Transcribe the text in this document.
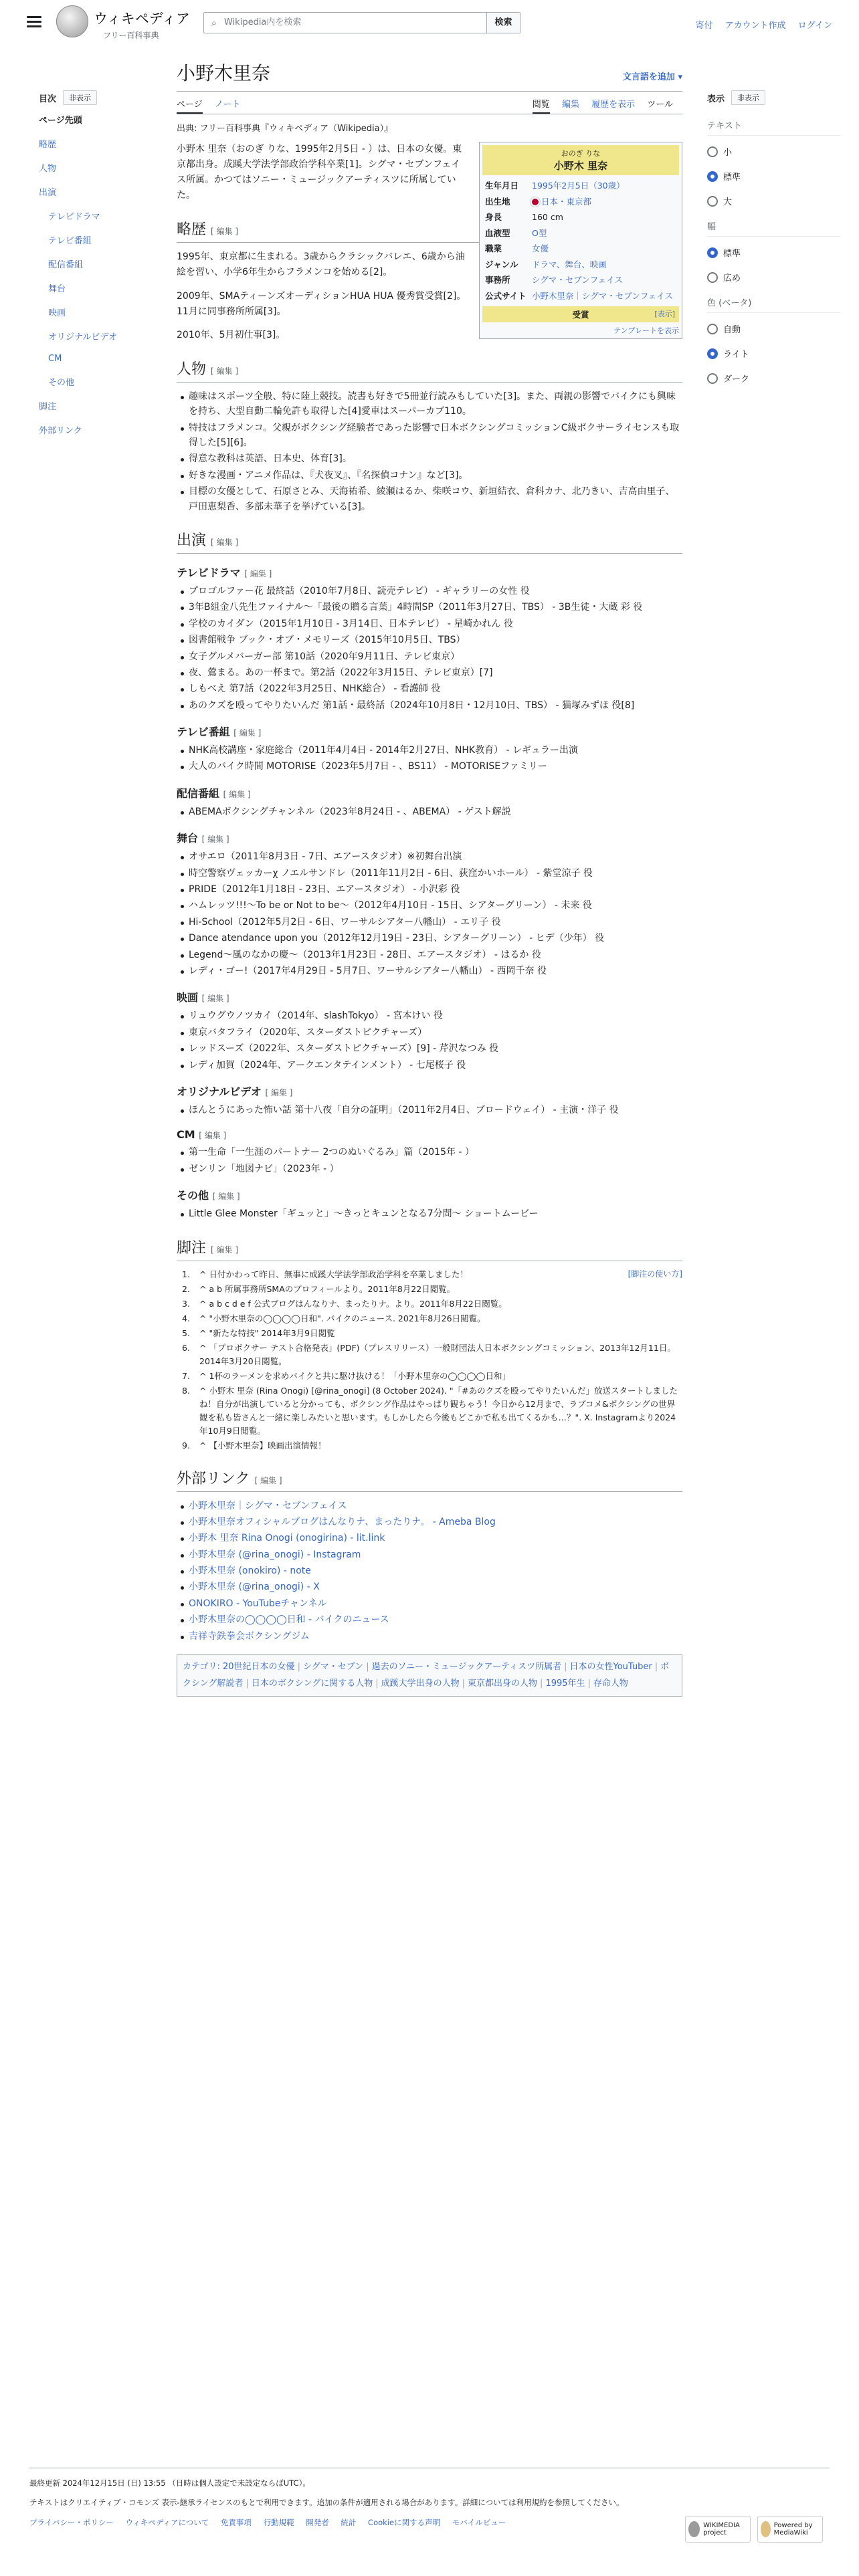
ウィキペディア
フリー百科事典
⌕ Wikipedia内を検索	検索	寄付 アカウント作成 ログイン
目次	非表示
ページ先頭
略歴
人物
出演
テレビドラマ
テレビ番組
配信番組
舞台
映画
オリジナルビデオ
CM
その他
脚注
外部リンク
表示	非表示
テキスト
小
標準
大
幅
標準
広め
色 (ベータ)
自動
ライト
ダーク
小野木里奈	文言語を追加 ▾
ページ ノート	閲覧 編集 履歴を表示 ツール
出典: フリー百科事典『ウィキペディア（Wikipedia）』
おのぎ りな
小野木 里奈
生年月日	1995年2月5日（30歳）
出生地	日本・東京都
身長	160 cm
血液型	O型
職業	女優
ジャンル	ドラマ、舞台、映画
事務所	シグマ・セブンフェイス
公式サイト	小野木里奈｜シグマ・セブンフェイス
受賞	[表示]
テンプレートを表示

小野木 里奈（おのぎ りな、1995年2月5日 - ）は、日本の女優。東京都出身。成蹊大学法学部政治学科卒業[1]。シグマ・セブンフェイス所属。かつてはソニー・ミュージックアーティスツに所属していた。

略歴 [ 編集 ]

1995年、東京都に生まれる。3歳からクラシックバレエ、6歳から油絵を習い、小学6年生からフラメンコを始める[2]。

2009年、SMAティーンズオーディションHUA HUA 優秀賞受賞[2]。11月に同事務所所属[3]。

2010年、5月初仕事[3]。

人物 [ 編集 ]
趣味はスポーツ全般、特に陸上競技。読書も好きで5冊並行読みもしていた[3]。また、両親の影響でバイクにも興味を持ち、大型自動二輪免許も取得した[4]愛車はスーパーカブ110。
特技はフラメンコ。父親がボクシング経験者であった影響で日本ボクシングコミッションC級ボクサーライセンスも取得した[5][6]。
得意な教科は英語、日本史、体育[3]。
好きな漫画・アニメ作品は、『犬夜叉』、『名探偵コナン』など[3]。
目標の女優として、石原さとみ、天海祐希、綾瀬はるか、柴咲コウ、新垣結衣、倉科カナ、北乃きい、吉高由里子、戸田恵梨香、多部未華子を挙げている[3]。
出演 [ 編集 ]
テレビドラマ [ 編集 ]
プロゴルファー花 最終話（2010年7月8日、読売テレビ） - ギャラリーの女性 役
3年B組金八先生ファイナル〜「最後の贈る言葉」4時間SP（2011年3月27日、TBS） - 3B生徒・大蔵 彩 役
学校のカイダン（2015年1月10日 - 3月14日、日本テレビ） - 星崎かれん 役
図書館戦争 ブック・オブ・メモリーズ（2015年10月5日、TBS）
女子グルメバーガー部 第10話（2020年9月11日、テレビ東京）
夜、鶯まる。あの一杯まで。第2話（2022年3月15日、テレビ東京）[7]
しもべえ 第7話（2022年3月25日、NHK総合） - 看護師 役
あのクズを殴ってやりたいんだ 第1話・最終話（2024年10月8日・12月10日、TBS） - 猫塚みずほ 役[8]
テレビ番組 [ 編集 ]
NHK高校講座・家庭総合（2011年4月4日 - 2014年2月27日、NHK教育） - レギュラー出演
大人のバイク時間 MOTORISE（2023年5月7日 - 、BS11） - MOTORISEファミリー
配信番組 [ 編集 ]
ABEMAボクシングチャンネル（2023年8月24日 - 、ABEMA） - ゲスト解説
舞台 [ 編集 ]
オサエロ（2011年8月3日 - 7日、エアースタジオ）※初舞台出演
時空警察ヴェッカーχ ノエルサンドレ（2011年11月2日 - 6日、荻窪かいホール） - 紫堂涼子 役
PRIDE（2012年1月18日 - 23日、エアースタジオ） - 小沢彩 役
ハムレッツ!!!〜To be or Not to be〜（2012年4月10日 - 15日、シアターグリーン） - 未来 役
Hi-School（2012年5月2日 - 6日、ワーサルシアター八幡山） - エリ子 役
Dance atendance upon you（2012年12月19日 - 23日、シアターグリーン） - ヒデ（少年） 役
Legend〜風のなかの慶〜（2013年1月23日 - 28日、エアースタジオ） - はるか 役
レディ・ゴー!（2017年4月29日 - 5月7日、ワーサルシアター八幡山） - 西岡千奈 役
映画 [ 編集 ]
リュウグウノツカイ（2014年、slashTokyo） - 宮本けい 役
東京バタフライ（2020年、スターダストピクチャーズ）
レッドスーズ（2022年、スターダストピクチャーズ）[9] - 芹沢なつみ 役
レディ加賀（2024年、アークエンタテインメント） - 七尾桜子 役
オリジナルビデオ [ 編集 ]
ほんとうにあった怖い話 第十八夜「自分の証明」（2011年2月4日、ブロードウェイ） - 主演・洋子 役
CM [ 編集 ]
第一生命「一生涯のパートナー 2つのぬいぐるみ」篇（2015年 - ）
ゼンリン「地図ナビ」（2023年 - ）
その他 [ 編集 ]
Little Glee Monster「ギュッと」〜きっとキュンとなる7分間〜 ショートムービー
脚注 [ 編集 ]
[脚注の使い方]
1. ^ 日付かわって昨日、無事に成蹊大学法学部政治学科を卒業しました！
2. ^ a b 所属事務所SMAのプロフィールより。2011年8月22日閲覧。
3. ^ a b c d e f 公式ブログはんなりナ、まったりナ。より。2011年8月22日閲覧。
4. ^ "小野木里奈の◯◯◯◯日和". バイクのニュース. 2021年8月26日閲覧。
5. ^ "新たな特技" 2014年3月9日閲覧
6. ^ 「プロボクサー テスト合格発表」(PDF)（プレスリリース）一般財団法人日本ボクシングコミッション、2013年12月11日。2014年3月20日閲覧。
7. ^ 1杯のラーメンを求めバイクと共に駆け抜ける！「小野木里奈の◯◯◯◯日和」
8. ^ 小野木 里奈 (Rina Onogi) [@rina_onogi] (8 October 2024). "「#あのクズを殴ってやりたいんだ」放送スタートしましたね！自分が出演していると分かっても、ボクシング作品はやっぱり観ちゃう！今日から12月まで、ラブコメ&ボクシングの世界観を私も皆さんと一緒に楽しみたいと思います。もしかしたら今後もどこかで私も出てくるかも…？". X. Instagramより2024年10月9日閲覧。
9. ^ 【小野木里奈】映画出演情報！
外部リンク [ 編集 ]
小野木里奈｜シグマ・セブンフェイス
小野木里奈オフィシャルブログはんなりナ、まったりナ。 - Ameba Blog
小野木 里奈 Rina Onogi (onogirina) - lit.link
小野木里奈 (@rina_onogi) - Instagram
小野木里奈 (onokiro) - note
小野木里奈 (@rina_onogi) - X
ONOKIRO - YouTubeチャンネル
小野木里奈の◯◯◯◯日和 - バイクのニュース
吉祥寺鉄拳会ボクシングジム
カテゴリ: 20世紀日本の女優 | シグマ・セブン | 過去のソニー・ミュージックアーティスツ所属者 | 日本の女性YouTuber | ボクシング解説者 | 日本のボクシングに関する人物 | 成蹊大学出身の人物 | 東京都出身の人物 | 1995年生 | 存命人物
最終更新 2024年12月15日 (日) 13:55 （日時は個人設定で未設定ならばUTC）。
テキストはクリエイティブ・コモンズ 表示-継承ライセンスのもとで利用できます。追加の条件が適用される場合があります。詳細については利用規約を参照してください。
プライバシー・ポリシー ウィキペディアについて 免責事項 行動規範 開発者 統計 Cookieに関する声明 モバイルビュー	WIKIMEDIA project
Powered by MediaWiki
